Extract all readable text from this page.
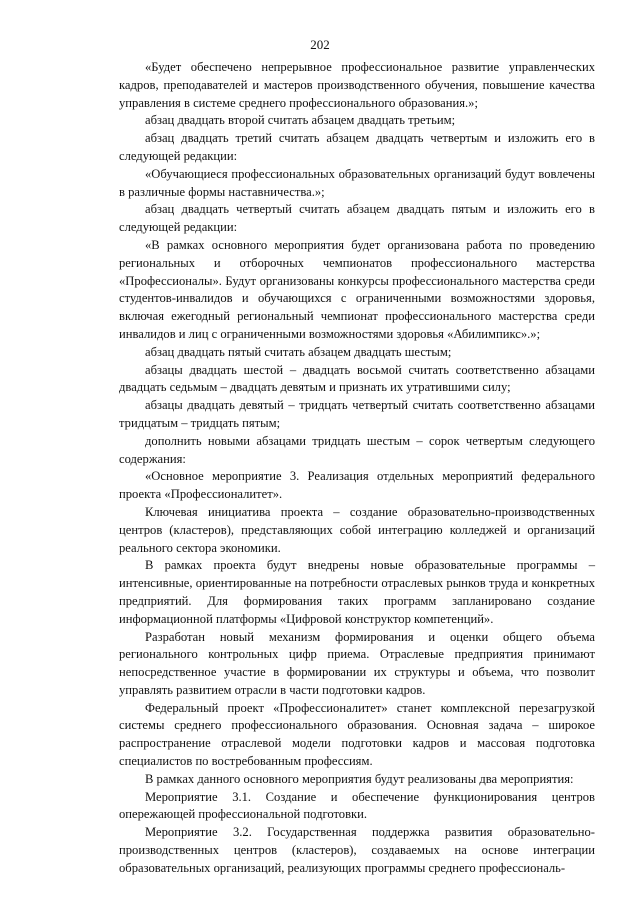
202

«Будет обеспечено непрерывное профессиональное развитие управленческих кадров, преподавателей и мастеров производственного обучения, повышение качества управления в системе среднего профессионального образования.»;

абзац двадцать второй считать абзацем двадцать третьим;

абзац двадцать третий считать абзацем двадцать четвертым и изложить его в следующей редакции:

«Обучающиеся профессиональных образовательных организаций будут вовлечены в различные формы наставничества.»;

абзац двадцать четвертый считать абзацем двадцать пятым и изложить его в следующей редакции:

«В рамках основного мероприятия будет организована работа по проведению региональных и отборочных чемпионатов профессионального мастерства «Профессионалы». Будут организованы конкурсы профессионального мастерства среди студентов-инвалидов и обучающихся с ограниченными возможностями здоровья, включая ежегодный региональный чемпионат профессионального мастерства среди инвалидов и лиц с ограниченными возможностями здоровья «Абилимпикс».»;

абзац двадцать пятый считать абзацем двадцать шестым;

абзацы двадцать шестой – двадцать восьмой считать соответственно абзацами двадцать седьмым – двадцать девятым и признать их утратившими силу;

абзацы двадцать девятый – тридцать четвертый считать соответственно абзацами тридцатым – тридцать пятым;

дополнить новыми абзацами тридцать шестым – сорок четвертым следующего содержания:

«Основное мероприятие 3. Реализация отдельных мероприятий федерального проекта «Профессионалитет».

Ключевая инициатива проекта – создание образовательно-производственных центров (кластеров), представляющих собой интеграцию колледжей и организаций реального сектора экономики.

В рамках проекта будут внедрены новые образовательные программы – интенсивные, ориентированные на потребности отраслевых рынков труда и конкретных предприятий. Для формирования таких программ запланировано создание информационной платформы «Цифровой конструктор компетенций».

Разработан новый механизм формирования и оценки общего объема регионального контрольных цифр приема. Отраслевые предприятия принимают непосредственное участие в формировании их структуры и объема, что позволит управлять развитием отрасли в части подготовки кадров.

Федеральный проект «Профессионалитет» станет комплексной перезагрузкой системы среднего профессионального образования. Основная задача – широкое распространение отраслевой модели подготовки кадров и массовая подготовка специалистов по востребованным профессиям.

В рамках данного основного мероприятия будут реализованы два мероприятия:

Мероприятие 3.1. Создание и обеспечение функционирования центров опережающей профессиональной подготовки.

Мероприятие 3.2. Государственная поддержка развития образовательно-производственных центров (кластеров), создаваемых на основе интеграции образовательных организаций, реализующих программы среднего профессиональ-
